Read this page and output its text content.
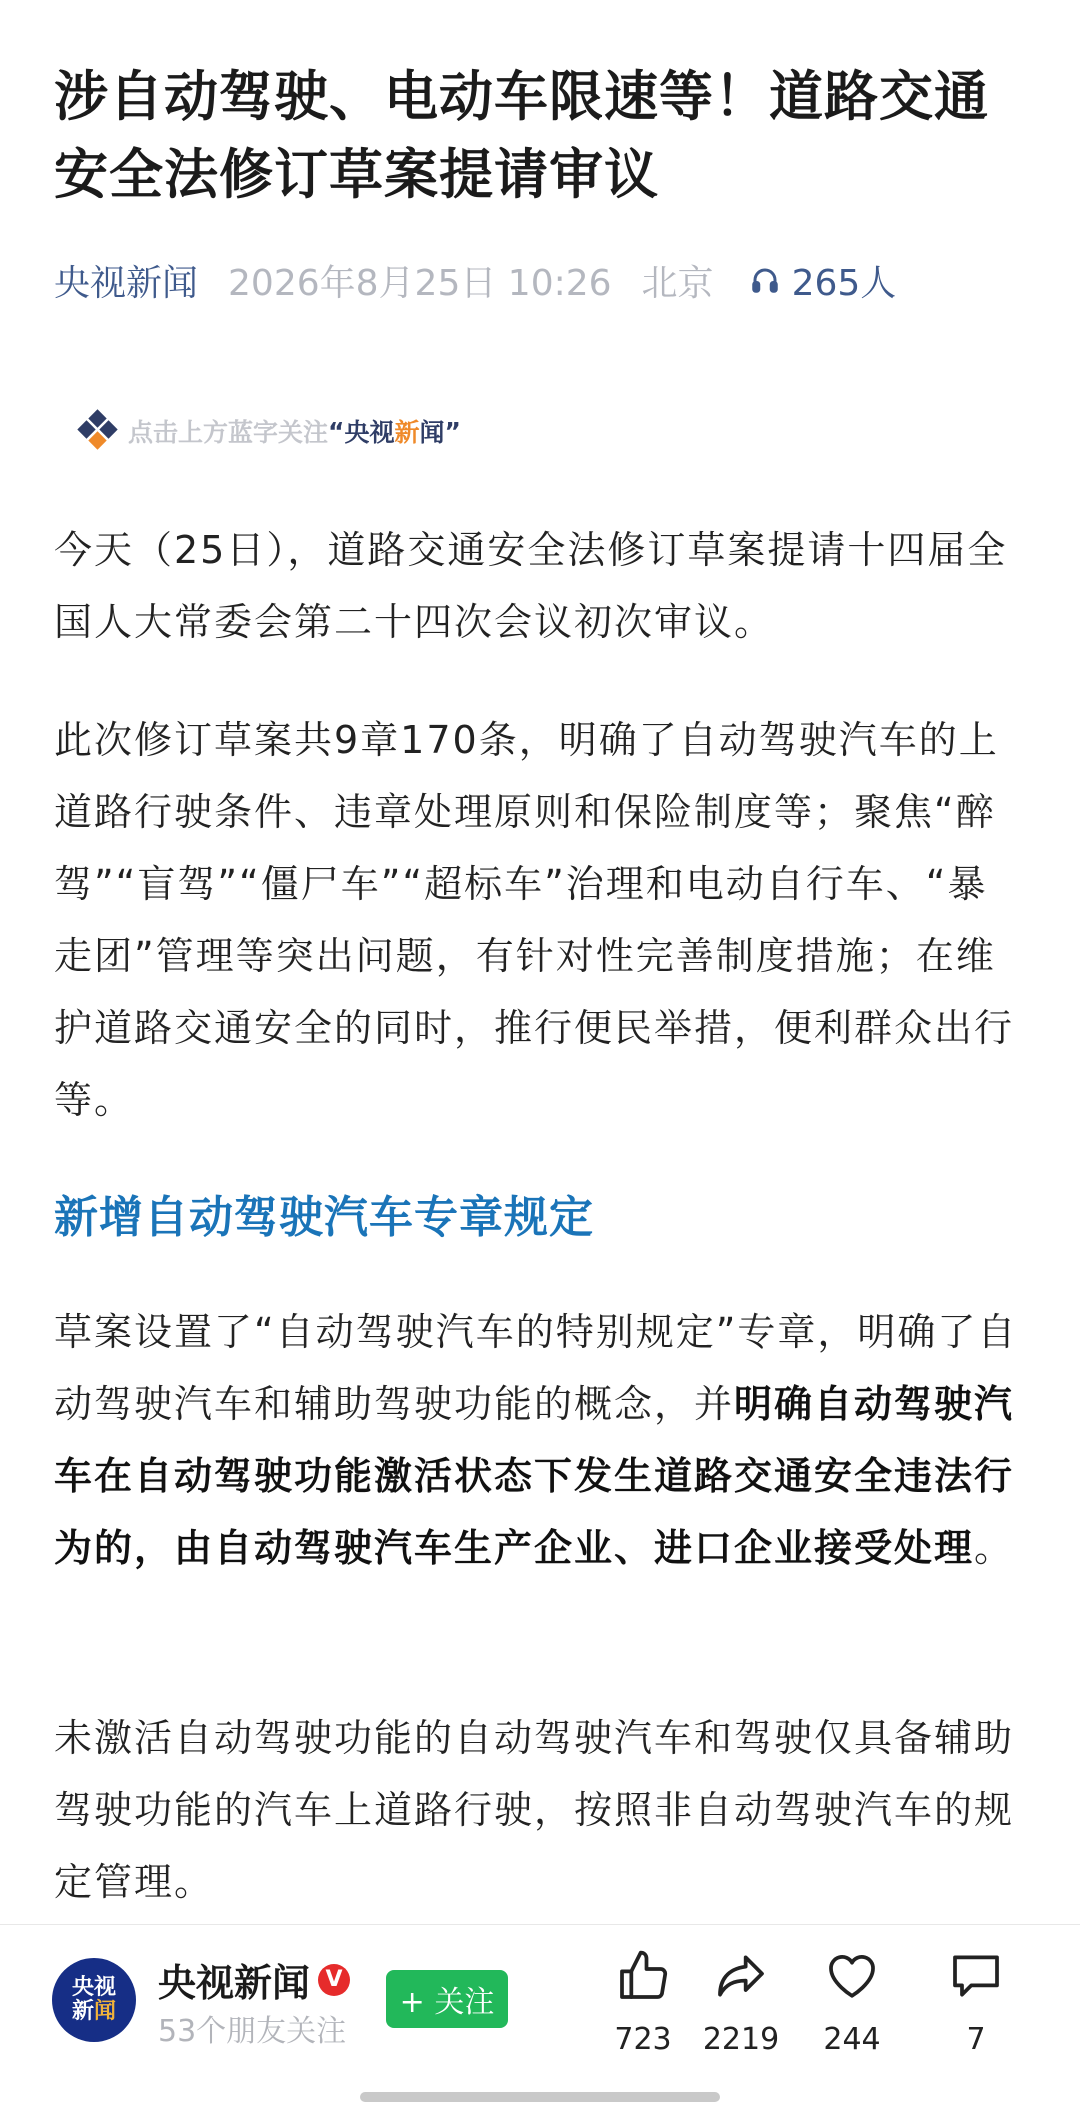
涉自动驾驶、电动车限速等！道路交通安全法修订草案提请审议
央视新闻 2026年8月25日 10:26 北京 265人
点击上方蓝字关注 “ 央视 新 闻 ”

今天（25日），道路交通安全法修订草案提请十四届全国人大常委会第二十四次会议初次审议。

此次修订草案共9章170条，明确了自动驾驶汽车的上道路行驶条件、违章处理原则和保险制度等；聚焦“醉驾”“盲驾”“僵尸车”“超标车”治理和电动自行车、“暴走团”管理等突出问题，有针对性完善制度措施；在维护道路交通安全的同时，推行便民举措，便利群众出行等。

新增自动驾驶汽车专章规定

草案设置了“自动驾驶汽车的特别规定”专章，明确了自动驾驶汽车和辅助驾驶功能的概念，并明确自动驾驶汽车在自动驾驶功能激活状态下发生道路交通安全违法行为的，由自动驾驶汽车生产企业、进口企业接受处理。

未激活自动驾驶功能的自动驾驶汽车和驾驶仅具备辅助驾驶功能的汽车上道路行驶，按照非自动驾驶汽车的规定管理。

央视
新闻
央视新闻 V
53个朋友关注
+ 关注
723	2219	244	7
